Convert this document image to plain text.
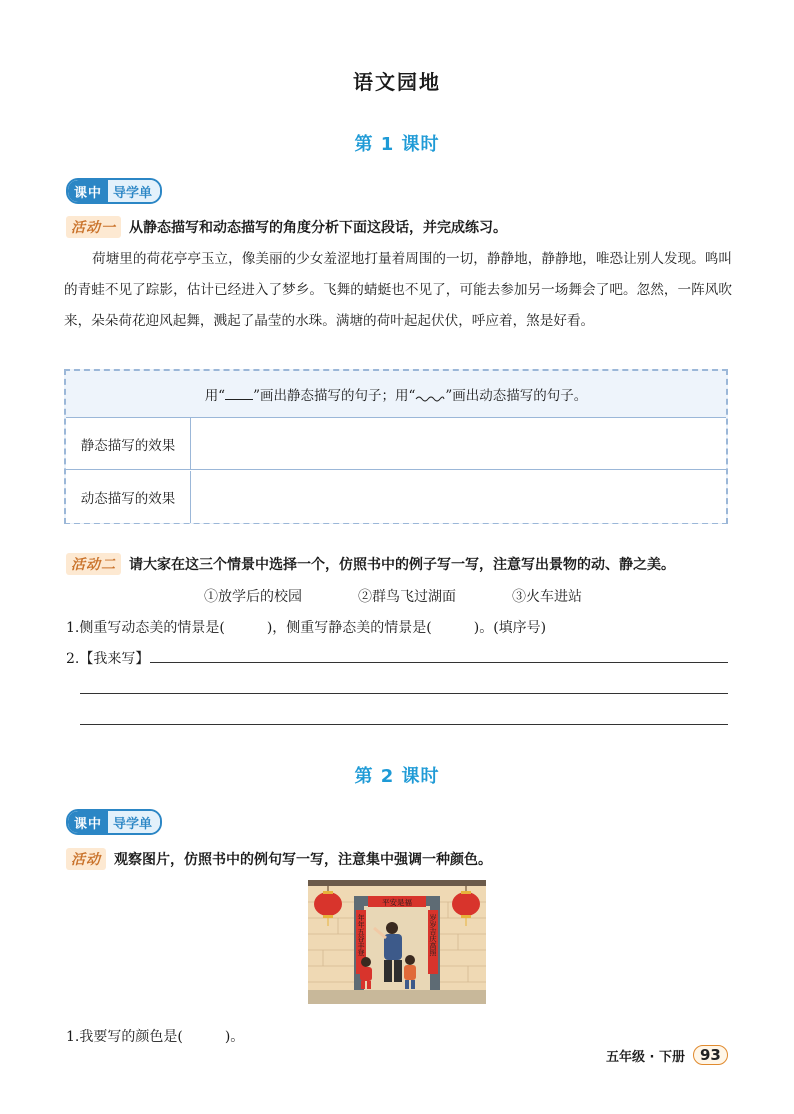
语文园地
第 1 课时
课中 导学单
活动一 从静态描写和动态描写的角度分析下面这段话，并完成练习。
荷塘里的荷花亭亭玉立，像美丽的少女羞涩地打量着周围的一切，静静地，静静地，唯恐让别人发现。鸣叫的青蛙不见了踪影，估计已经进入了梦乡。飞舞的蜻蜓也不见了，可能去参加另一场舞会了吧。忽然，一阵风吹来，朵朵荷花迎风起舞，溅起了晶莹的水珠。满塘的荷叶起起伏伏，呼应着，煞是好看。
用“ ”画出静态描写的句子；用“ ”画出动态描写的句子。
静态描写的效果
动态描写的效果
活动二 请大家在这三个情景中选择一个，仿照书中的例子写一写，注意写出景物的动、静之美。
①放学后的校园	②群鸟飞过湖面	③火车进站
1.侧重写动态美的情景是(　　　)，侧重写静态美的情景是(　　　)。(填序号)
2.【我来写】
第 2 课时
课中 导学单
活动 观察图片，仿照书中的例句写一写，注意集中强调一种颜色。
平安是福
年年五谷丰登	岁岁吉庆高照
1.我要写的颜色是(　　　)。
五年级 · 下册	93
